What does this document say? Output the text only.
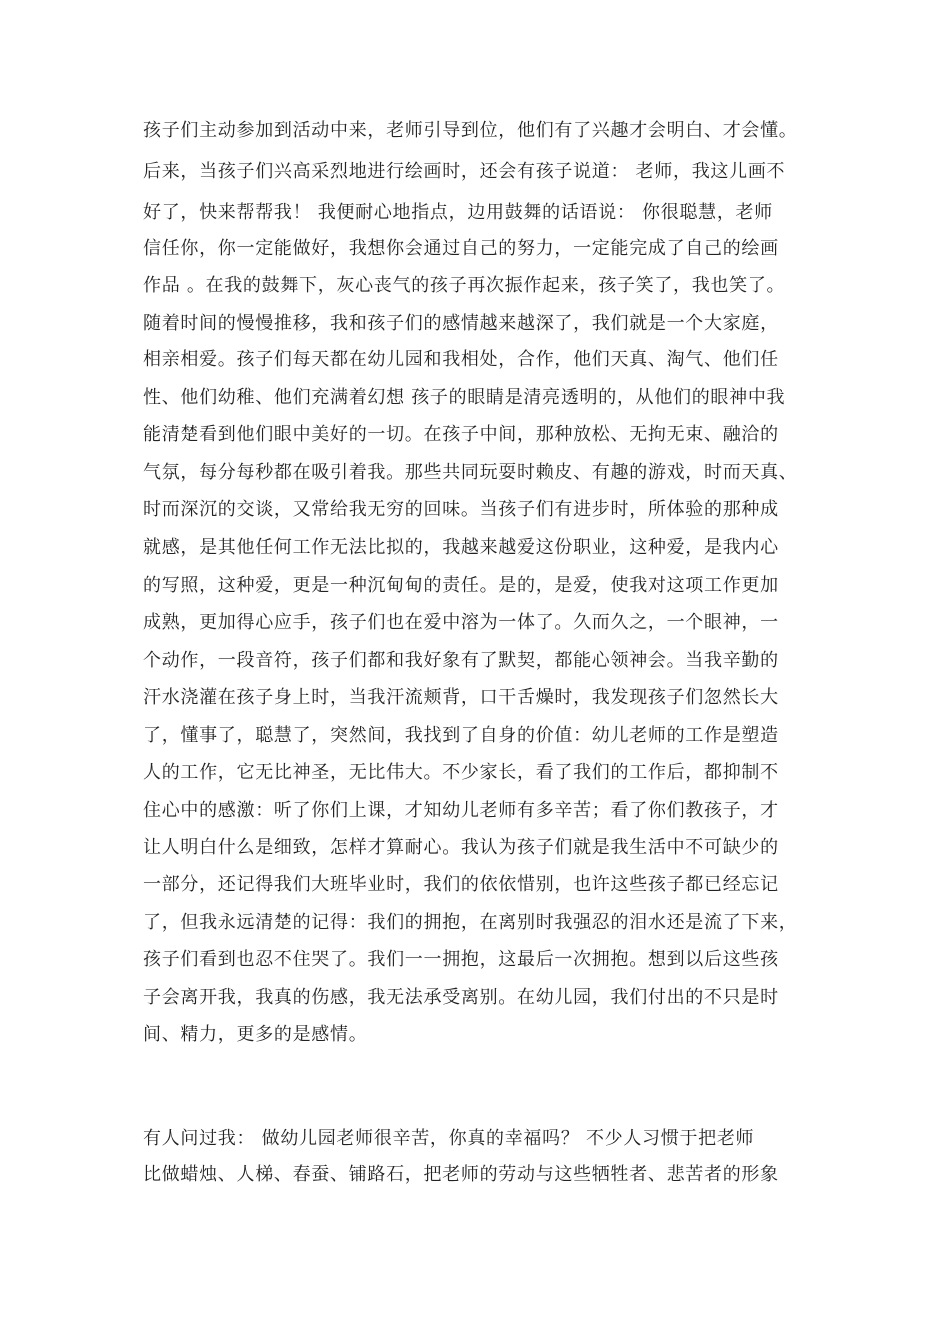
孩子们主动参加到活动中来，老师引导到位，他们有了兴趣才会明白、才会懂。
后来，当孩子们兴高采烈地进行绘画时，还会有孩子说道： 老师，我这儿画不
好了，快来帮帮我！ 我便耐心地指点，边用鼓舞的话语说： 你很聪慧，老师
信任你，你一定能做好，我想你会通过自己的努力，一定能完成了自己的绘画
作品 。在我的鼓舞下，灰心丧气的孩子再次振作起来，孩子笑了，我也笑了。
随着时间的慢慢推移，我和孩子们的感情越来越深了，我们就是一个大家庭，
相亲相爱。孩子们每天都在幼儿园和我相处，合作，他们天真、淘气、他们任
性、他们幼稚、他们充满着幻想 孩子的眼睛是清亮透明的，从他们的眼神中我
能清楚看到他们眼中美好的一切。在孩子中间，那种放松、无拘无束、融洽的
气氛，每分每秒都在吸引着我。那些共同玩耍时赖皮、有趣的游戏，时而天真、
时而深沉的交谈，又常给我无穷的回味。当孩子们有进步时，所体验的那种成
就感，是其他任何工作无法比拟的，我越来越爱这份职业，这种爱，是我内心
的写照，这种爱，更是一种沉甸甸的责任。是的，是爱，使我对这项工作更加
成熟，更加得心应手，孩子们也在爱中溶为一体了。久而久之，一个眼神，一
个动作，一段音符，孩子们都和我好象有了默契，都能心领神会。当我辛勤的
汗水浇灌在孩子身上时，当我汗流颊背，口干舌燥时，我发现孩子们忽然长大
了，懂事了，聪慧了，突然间，我找到了自身的价值：幼儿老师的工作是塑造
人的工作，它无比神圣，无比伟大。不少家长，看了我们的工作后，都抑制不
住心中的感激：听了你们上课，才知幼儿老师有多辛苦；看了你们教孩子，才
让人明白什么是细致，怎样才算耐心。我认为孩子们就是我生活中不可缺少的
一部分，还记得我们大班毕业时，我们的依依惜别，也许这些孩子都已经忘记
了，但我永远清楚的记得：我们的拥抱，在离别时我强忍的泪水还是流了下来，
孩子们看到也忍不住哭了。我们一一拥抱，这最后一次拥抱。想到以后这些孩
子会离开我，我真的伤感，我无法承受离别。在幼儿园，我们付出的不只是时
间、精力，更多的是感情。
有人问过我： 做幼儿园老师很辛苦，你真的幸福吗？ 不少人习惯于把老师
比做蜡烛、人梯、春蚕、铺路石，把老师的劳动与这些牺牲者、悲苦者的形象
